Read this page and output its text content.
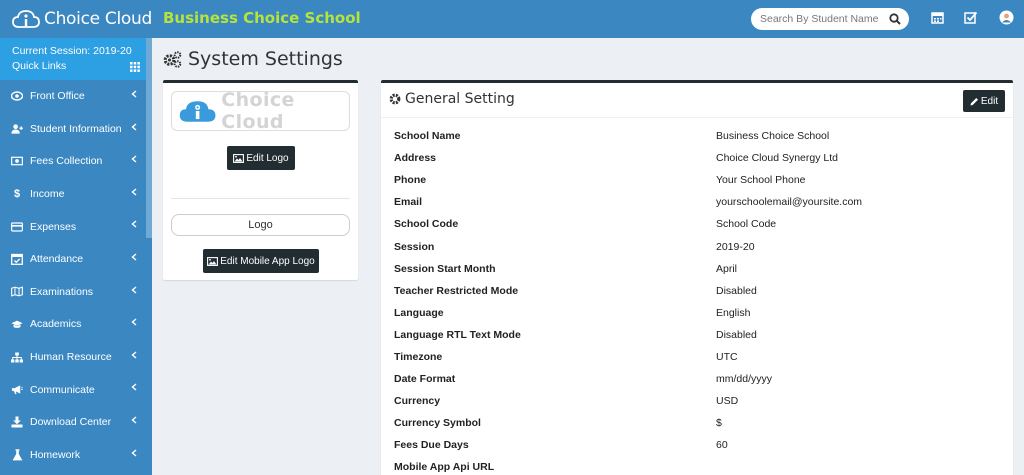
Choice Cloud Business Choice School
Search By Student Name
Current Session: 2019-20
Quick Links
Front Office
Student Information
Fees Collection
$ Income
Expenses
Attendance
Examinations
Academics
Human Resource
Communicate
Download Center
Homework
System Settings
Choice Cloud
Edit Logo
Logo
Edit Mobile App Logo
General Setting	Edit
School Name	Business Choice School
Address	Choice Cloud Synergy Ltd
Phone	Your School Phone
Email	yourschoolemail@yoursite.com
School Code	School Code
Session	2019-20
Session Start Month	April
Teacher Restricted Mode	Disabled
Language	English
Language RTL Text Mode	Disabled
Timezone	UTC
Date Format	mm/dd/yyyy
Currency	USD
Currency Symbol	$
Fees Due Days	60
Mobile App Api URL
